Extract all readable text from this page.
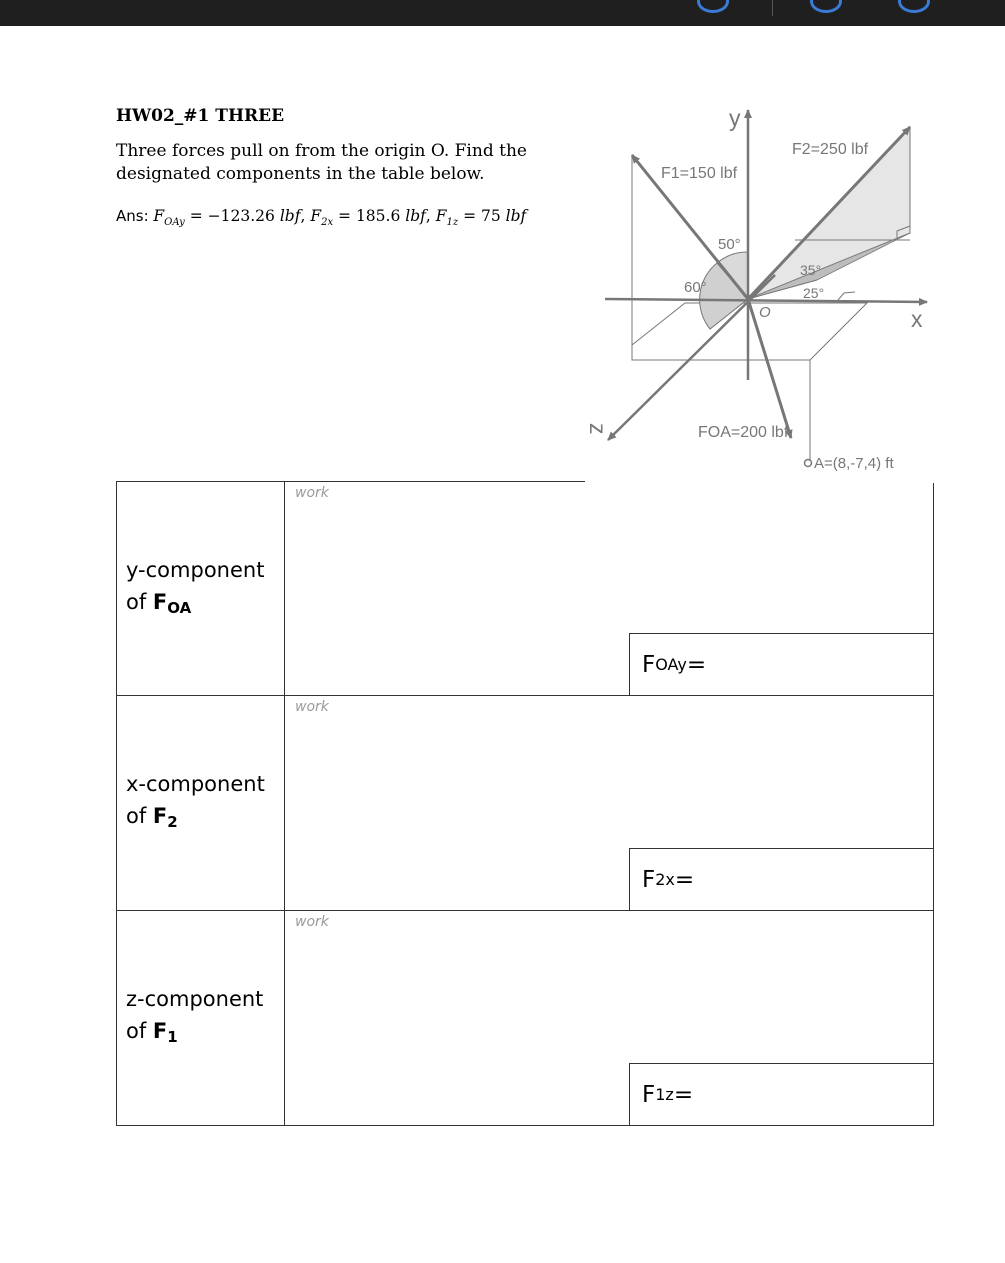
HW02_#1 THREE
Three forces pull on from the origin O. Find the designated components in the table below.
Ans: $F_{OAy} = -123.26$ lbf, $F_{2x} = 185.6$ lbf, $F_{1z} = 75$ lbf
y
x
z
O
F1=150 lbf
F2=250 lbf
FOA=200 lbf
A=(8,-7,4) ft
50°
60°
35°
25°
y-component
of $F_{OA}$
work
F OAy =
x-component
of $F_2$
work
F 2x =
z-component
of $F_1$
work
F 1z =
